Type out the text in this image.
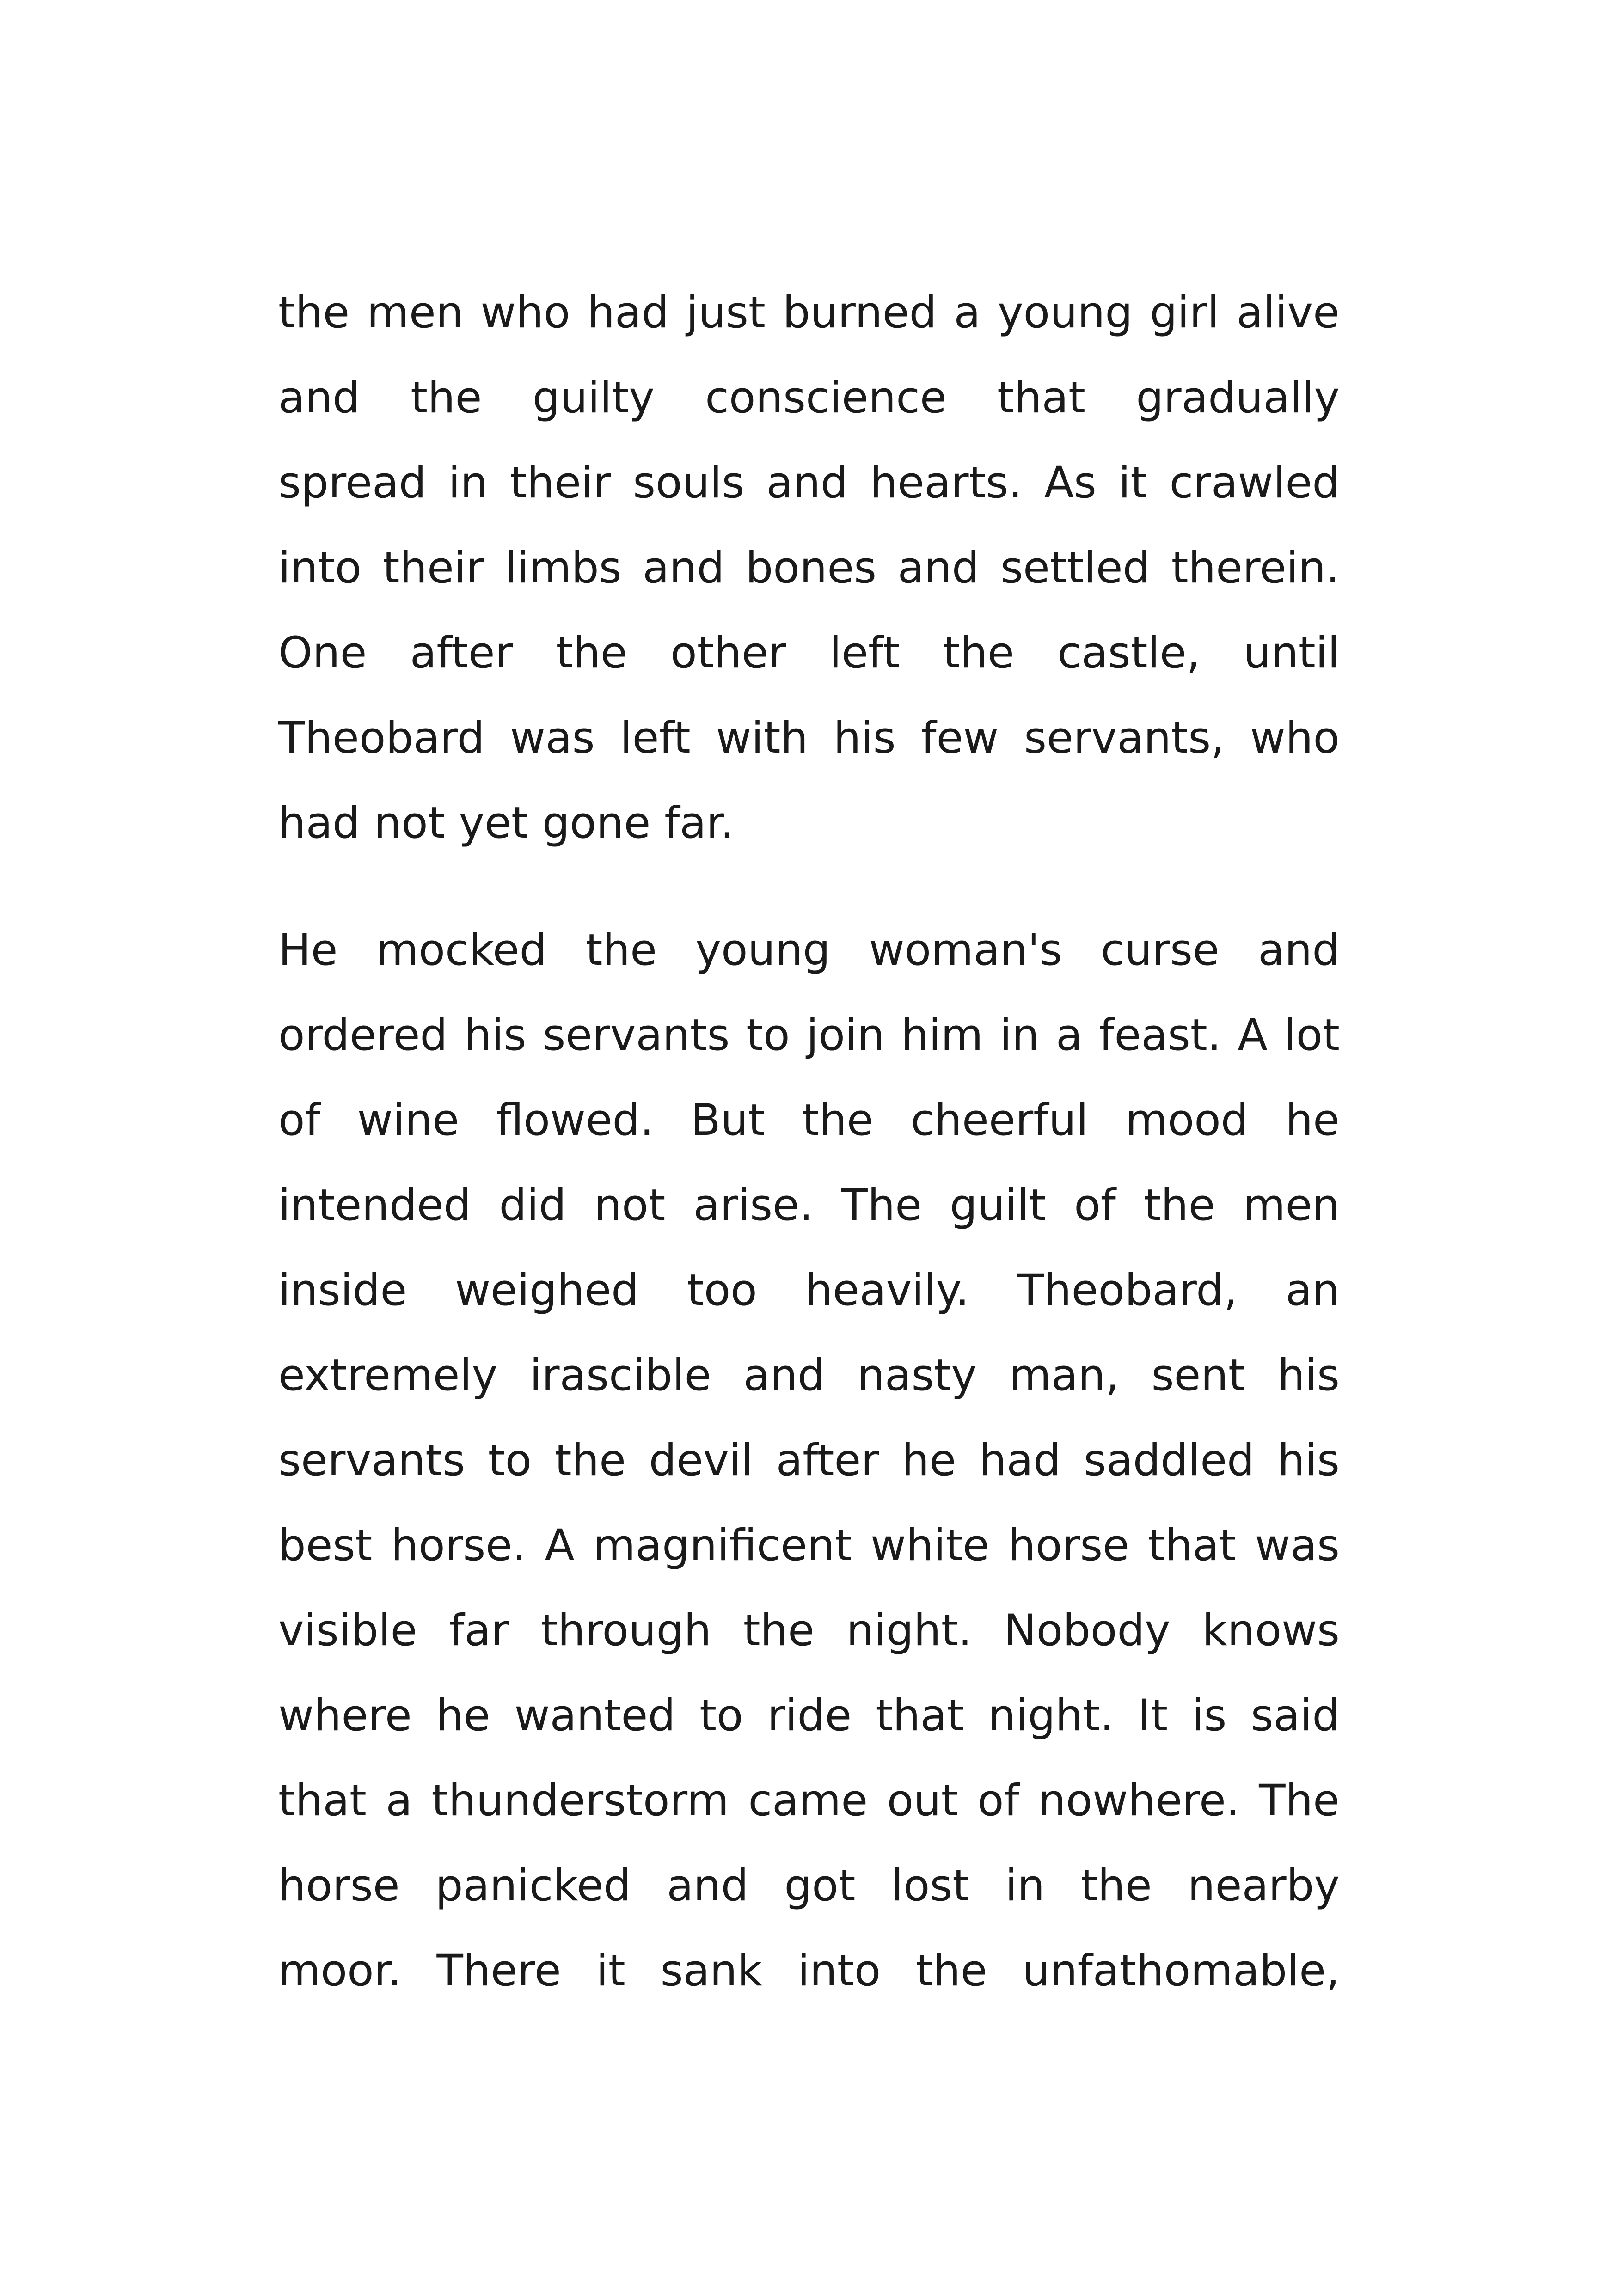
the men who had just burned a young girl alive
and the guilty conscience that gradually
spread in their souls and hearts. As it crawled
into their limbs and bones and settled therein.
One after the other left the castle, until
Theobard was left with his few servants, who
had not yet gone far.
He mocked the young woman's curse and
ordered his servants to join him in a feast. A lot
of wine flowed. But the cheerful mood he
intended did not arise. The guilt of the men
inside weighed too heavily. Theobard, an
extremely irascible and nasty man, sent his
servants to the devil after he had saddled his
best horse. A magnificent white horse that was
visible far through the night. Nobody knows
where he wanted to ride that night. It is said
that a thunderstorm came out of nowhere. The
horse panicked and got lost in the nearby
moor. There it sank into the unfathomable,
